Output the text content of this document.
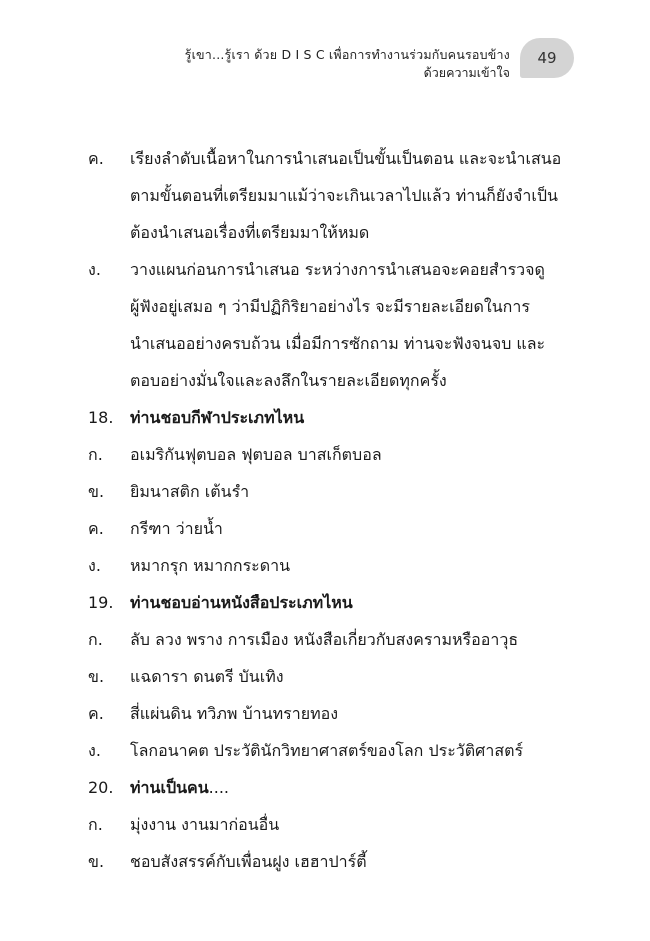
รู้เขา...รู้เรา ด้วย D I S C เพื่อการทำงานร่วมกับคนรอบข้าง
ด้วยความเข้าใจ
49
ค. เรียงลำดับเนื้อหาในการนำเสนอเป็นขั้นเป็นตอน และจะนำเสนอ
ตามขั้นตอนที่เตรียมมาแม้ว่าจะเกินเวลาไปแล้ว ท่านก็ยังจำเป็น
ต้องนำเสนอเรื่องที่เตรียมมาให้หมด
ง. วางแผนก่อนการนำเสนอ ระหว่างการนำเสนอจะคอยสำรวจดู
ผู้ฟังอยู่เสมอ ๆ ว่ามีปฏิกิริยาอย่างไร จะมีรายละเอียดในการ
นำเสนออย่างครบถ้วน เมื่อมีการซักถาม ท่านจะฟังจนจบ และ
ตอบอย่างมั่นใจและลงลึกในรายละเอียดทุกครั้ง
18. ท่านชอบกีฬาประเภทไหน
ก. อเมริกันฟุตบอล ฟุตบอล บาสเก็ตบอล
ข. ยิมนาสติก เต้นรำ
ค. กรีฑา ว่ายน้ำ
ง. หมากรุก หมากกระดาน
19. ท่านชอบอ่านหนังสือประเภทไหน
ก. ลับ ลวง พราง การเมือง หนังสือเกี่ยวกับสงครามหรืออาวุธ
ข. แฉดารา ดนตรี บันเทิง
ค. สี่แผ่นดิน ทวิภพ บ้านทรายทอง
ง. โลกอนาคต ประวัตินักวิทยาศาสตร์ของโลก ประวัติศาสตร์
20. ท่านเป็นคน....
ก. มุ่งงาน งานมาก่อนอื่น
ข. ชอบสังสรรค์กับเพื่อนฝูง เฮฮาปาร์ตี้
